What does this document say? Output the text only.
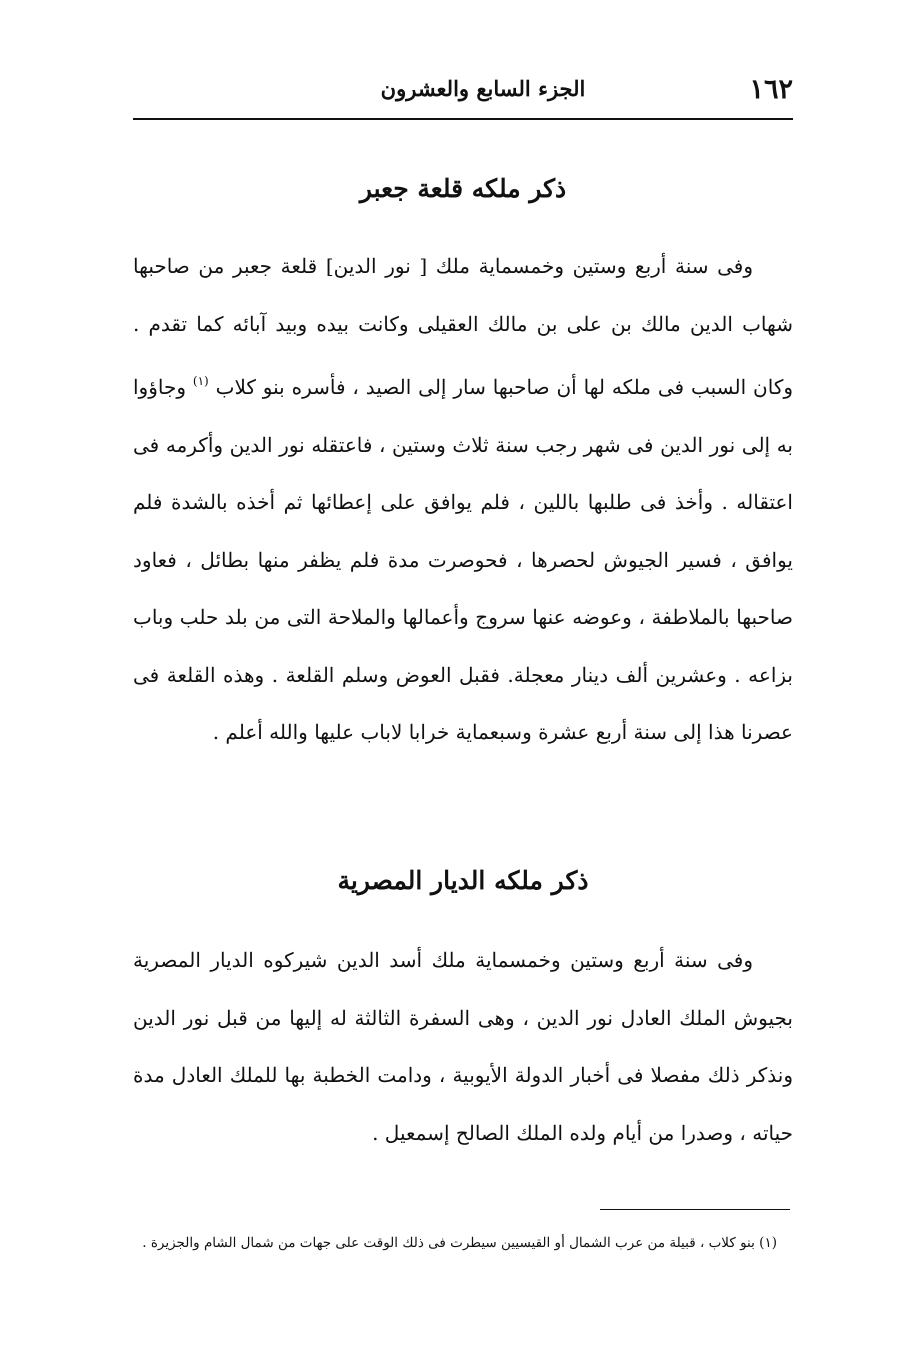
١٦٢
الجزء السابع والعشرون
ذكر ملكه قلعة جعبر

وفى سنة أربع وستين وخمسماية ملك [ نور الدين] قلعة جعبر من صاحبها شهاب الدين مالك بن على بن مالك العقيلى وكانت بيده وبيد آبائه كما تقدم . وكان السبب فى ملكه لها أن صاحبها سار إلى الصيد ، فأسره بنو كلاب $^{(١)}$ وجاؤوا به إلى نور الدين فى شهر رجب سنة ثلاث وستين ، فاعتقله نور الدين وأكرمه فى اعتقاله . وأخذ فى طلبها باللين ، فلم يوافق على إعطائها ثم أخذه بالشدة فلم يوافق ، فسير الجيوش لحصرها ، فحوصرت مدة فلم يظفر منها بطائل ، فعاود صاحبها بالملاطفة ، وعوضه عنها سروج وأعمالها والملاحة التى من بلد حلب وباب بزاعه . وعشرين ألف دينار معجلة. فقبل العوض وسلم القلعة . وهذه القلعة فى عصرنا هذا إلى سنة أربع عشرة وسبعماية خرابا لاباب عليها والله أعلم .

ذكر ملكه الديار المصرية

وفى سنة أربع وستين وخمسماية ملك أسد الدين شيركوه الديار المصرية بجيوش الملك العادل نور الدين ، وهى السفرة الثالثة له إليها من قبل نور الدين ونذكر ذلك مفصلا فى أخبار الدولة الأيوبية ، ودامت الخطبة بها للملك العادل مدة حياته ، وصدرا من أيام ولده الملك الصالح إسمعيل .

(١) بنو كلاب ، قبيلة من عرب الشمال أو القيسيين سيطرت فى ذلك الوقت على جهات من شمال الشام والجزيرة .
